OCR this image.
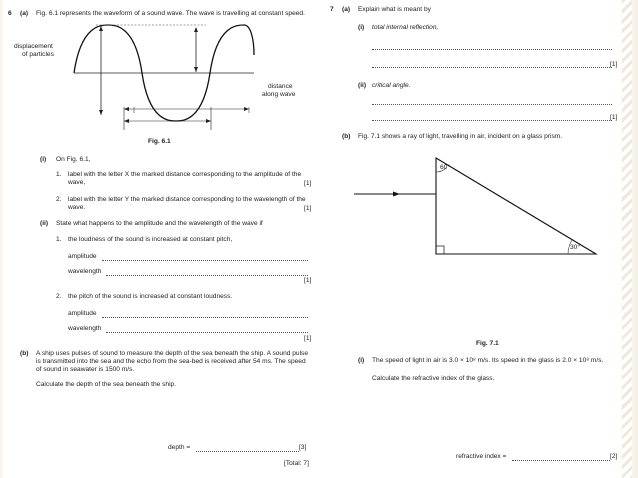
6 (a) Fig. 6.1 represents the waveform of a sound wave. The wave is travelling at constant speed.
displacement
of particles
distance
along wave
Fig. 6.1
(i) On Fig. 6.1,
1. label with the letter X the marked distance corresponding to the amplitude of the wave,	[1]
2. label with the letter Y the marked distance corresponding to the wavelength of the wave.	[1]
(ii) State what happens to the amplitude and the wavelength of the wave if
1. the loudness of the sound is increased at constant pitch,
amplitude
wavelength
[1]
2. the pitch of the sound is increased at constant loudness.
amplitude
wavelength
[1]
(b) A ship uses pulses of sound to measure the depth of the sea beneath the ship. A sound pulse is transmitted into the sea and the echo from the sea-bed is received after 54 ms. The speed of sound in seawater is 1500 m/s.
Calculate the depth of the sea beneath the ship.
depth =	[3]
[Total: 7]
7 (a) Explain what is meant by
(i) total internal reflection,
[1]
(ii) critical angle.
[1]
(b) Fig. 7.1 shows a ray of light, travelling in air, incident on a glass prism.
60°
30°
Fig. 7.1
(i) The speed of light in air is 3.0 × 10⁸ m/s. Its speed in the glass is 2.0 × 10⁸ m/s.
Calculate the refractive index of the glass.
refractive index =	[2]
